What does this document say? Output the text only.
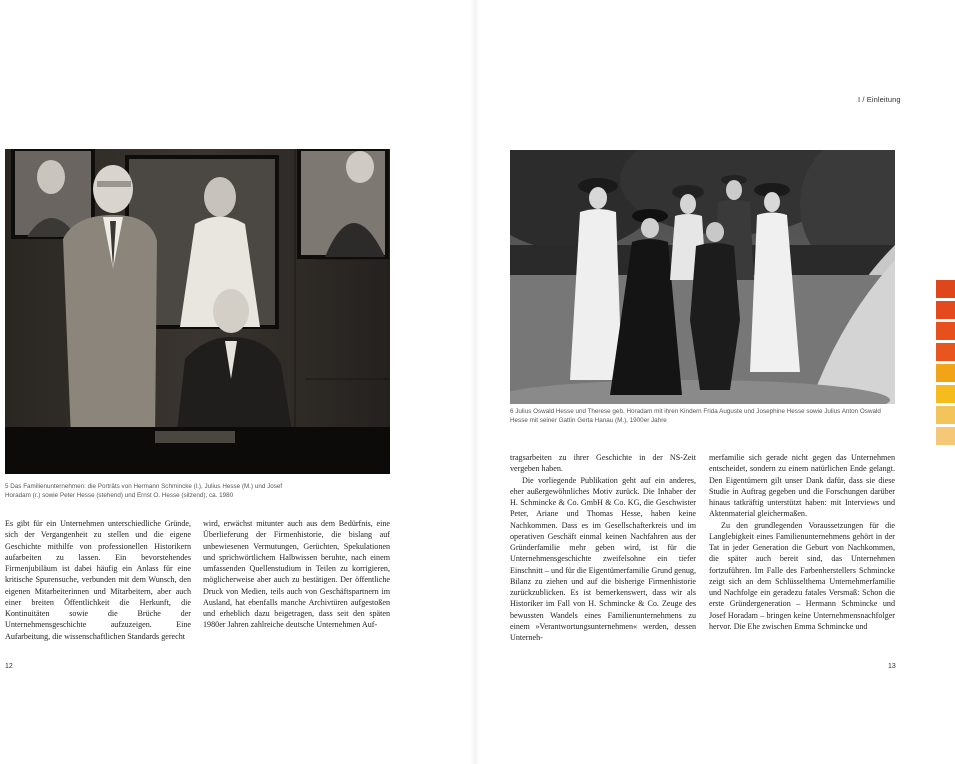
5 Das Familienunternehmen: die Porträts von Hermann Schmincke (l.), Julius Hesse (M.) und Josef Horadam (r.) sowie Peter Hesse (stehend) und Ernst O. Hesse (sitzend), ca. 1980

Es gibt für ein Unternehmen unterschiedliche Gründe, sich der Vergangenheit zu stellen und die eigene Geschichte mithilfe von professionellen Historikern aufarbeiten zu lassen. Ein bevorstehendes Firmenjubiläum ist dabei häufig ein Anlass für eine kritische Spurensuche, verbunden mit dem Wunsch, den eigenen Mitarbeiterinnen und Mitarbeitern, aber auch einer breiten Öffentlichkeit die Herkunft, die Kontinuitäten sowie die Brüche der Unternehmensgeschichte aufzuzeigen. Eine Aufarbeitung, die wissenschaftlichen Standards gerecht

wird, erwächst mitunter auch aus dem Bedürfnis, eine Überlieferung der Firmenhistorie, die bislang auf unbewiesenen Vermutungen, Gerüchten, Spekulationen und sprichwörtlichem Halbwissen beruhte, nach einem umfassenden Quellenstudium in Teilen zu korrigieren, möglicherweise aber auch zu bestätigen. Der öffentliche Druck von Medien, teils auch von Geschäftspartnern im Ausland, hat ebenfalls manche Archivtüren aufgestoßen und erheblich dazu beigetragen, dass seit den späten 1980er Jahren zahlreiche deutsche Unternehmen Auf-

12
I / Einleitung
6 Julius Oswald Hesse und Therese geb. Horadam mit ihren Kindern Frida Auguste und Josephine Hesse sowie Julius Anton Oswald Hesse mit seiner Gattin Gerta Hanau (M.), 1900er Jahre

tragsarbeiten zu ihrer Geschichte in der NS-Zeit vergeben haben.

Die vorliegende Publikation geht auf ein anderes, eher außergewöhnliches Motiv zurück. Die Inhaber der H. Schmincke & Co. GmbH & Co. KG, die Geschwister Peter, Ariane und Thomas Hesse, haben keine Nachkommen. Dass es im Gesellschafterkreis und im operativen Geschäft einmal keinen Nachfahren aus der Gründerfamilie mehr geben wird, ist für die Unternehmensgeschichte zweifelsohne ein tiefer Einschnitt – und für die Eigentümerfamilie Grund genug, Bilanz zu ziehen und auf die bisherige Firmenhistorie zurückzublicken. Es ist bemerkenswert, dass wir als Historiker im Fall von H. Schmincke & Co. Zeuge des bewussten Wandels eines Familienunternehmens zu einem »Verantwortungsunternehmen« werden, dessen Unterneh-

merfamilie sich gerade nicht gegen das Unternehmen entscheidet, sondern zu einem natürlichen Ende gelangt. Den Eigentümern gilt unser Dank dafür, dass sie diese Studie in Auftrag gegeben und die Forschungen darüber hinaus tatkräftig unterstützt haben: mit Interviews und Aktenmaterial gleichermaßen.

Zu den grundlegenden Voraussetzungen für die Langlebigkeit eines Familienunternehmens gehört in der Tat in jeder Generation die Geburt von Nachkommen, die später auch bereit sind, das Unternehmen fortzuführen. Im Falle des Farbenherstellers Schmincke zeigt sich an dem Schlüsselthema Unternehmerfamilie und Nachfolge ein geradezu fatales Versmaß: Schon die erste Gründergeneration – Hermann Schmincke und Josef Horadam – bringen keine Unternehmensnachfolger hervor. Die Ehe zwischen Emma Schmincke und

13
